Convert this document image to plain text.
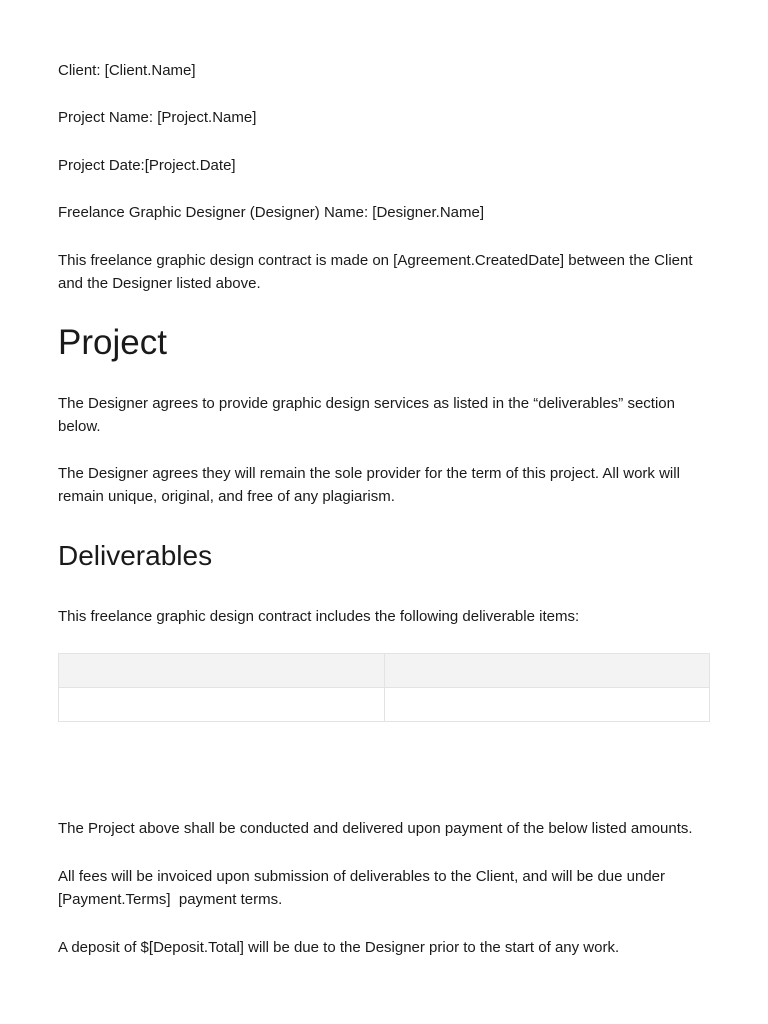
Client: [Client.Name]

Project Name: [Project.Name]

Project Date:[Project.Date]

Freelance Graphic Designer (Designer) Name: [Designer.Name]

This freelance graphic design contract is made on [Agreement.CreatedDate] between the Client
and the Designer listed above.
Project
The Designer agrees to provide graphic design services as listed in the “deliverables” section
below.
The Designer agrees they will remain the sole provider for the term of this project. All work will
remain unique, original, and free of any plagiarism.
Deliverables

This freelance graphic design contract includes the following deliverable items:

The Project above shall be conducted and delivered upon payment of the below listed amounts.

All fees will be invoiced upon submission of deliverables to the Client, and will be due under
[Payment.Terms]  payment terms.

A deposit of $[Deposit.Total] will be due to the Designer prior to the start of any work.
